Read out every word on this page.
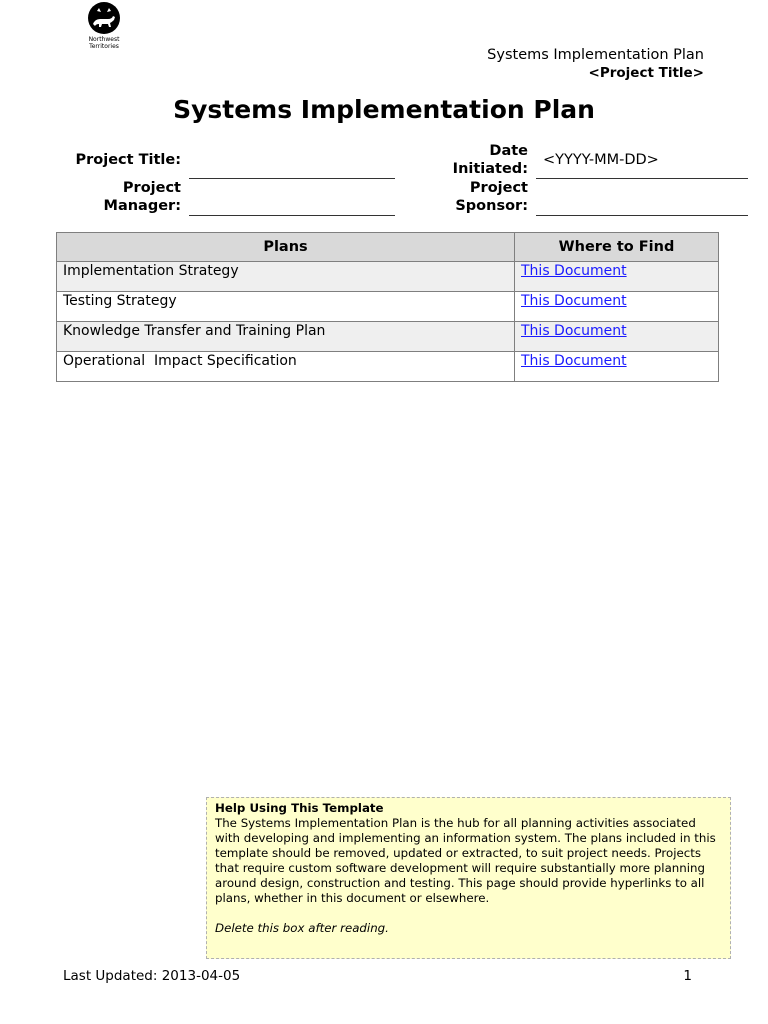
Northwest
Territories
Systems Implementation Plan
<Project Title>
Systems Implementation Plan
Project Title:
Project
Manager:
Date
Initiated:
<YYYY-MM-DD>
Project
Sponsor:
Plans	Where to Find
Implementation Strategy	This Document
Testing Strategy	This Document
Knowledge Transfer and Training Plan	This Document
Operational  Impact Specification	This Document
Help Using This Template

The Systems Implementation Plan is the hub for all planning activities associated with developing and implementing an information system. The plans included in this template should be removed, updated or extracted, to suit project needs. Projects that require custom software development will require substantially more planning around design, construction and testing. This page should provide hyperlinks to all plans, whether in this document or elsewhere.

Delete this box after reading.
Last Updated: 2013-04-05	1
